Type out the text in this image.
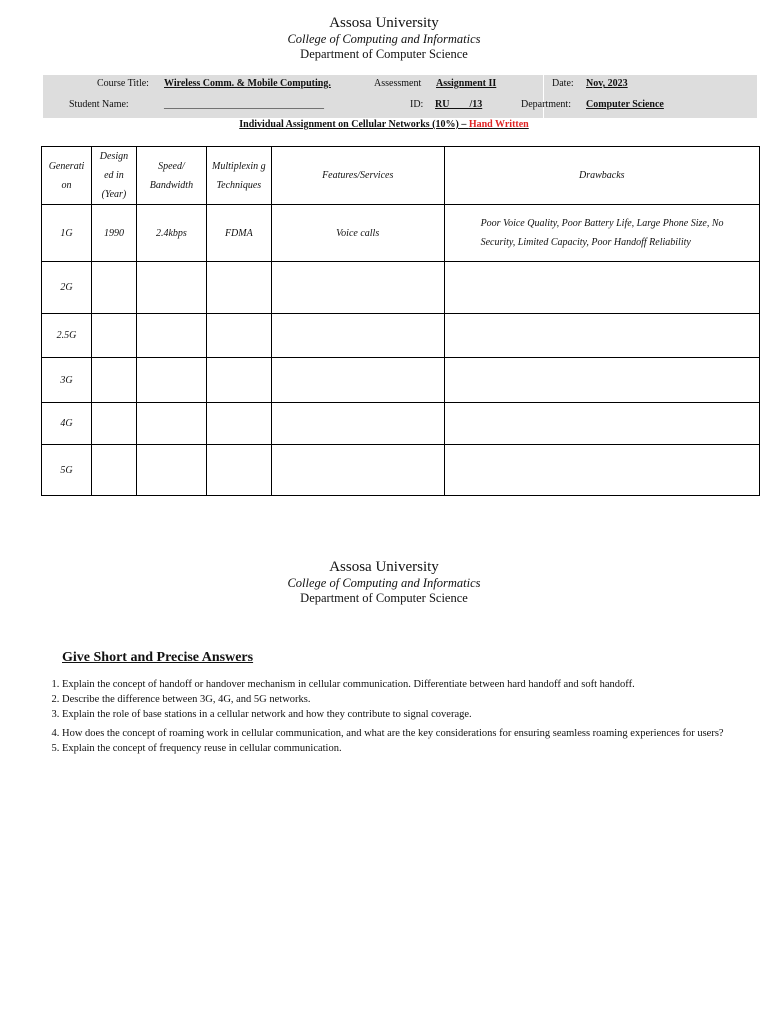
Assosa University
College of Computing and Informatics
Department of Computer Science
Course Title: Wireless Comm. & Mobile Computing.	Assessment Assignment II	Date: Nov, 2023
Student Name:	________________________________	ID: RU        /13	Department: Computer Science
Individual Assignment on Cellular Networks (10%) – Hand Written
Generati on	Design ed in (Year)	Speed/ Bandwidth	Multiplexin g Techniques	Features/Services	Drawbacks
1G	1990	2.4kbps	FDMA	Voice calls	Poor Voice Quality, Poor Battery Life, Large Phone Size, No Security, Limited Capacity, Poor Handoff Reliability
2G					
2.5G					
3G					
4G					
5G					
Assosa University
College of Computing and Informatics
Department of Computer Science
Give Short and Precise Answers
1. Explain the concept of handoff or handover mechanism in cellular communication. Differentiate between hard handoff and soft handoff.
2. Describe the difference between 3G, 4G, and 5G networks.
3. Explain the role of base stations in a cellular network and how they contribute to signal coverage.
4. How does the concept of roaming work in cellular communication, and what are the key considerations for ensuring seamless roaming experiences for users?
5. Explain the concept of frequency reuse in cellular communication.
